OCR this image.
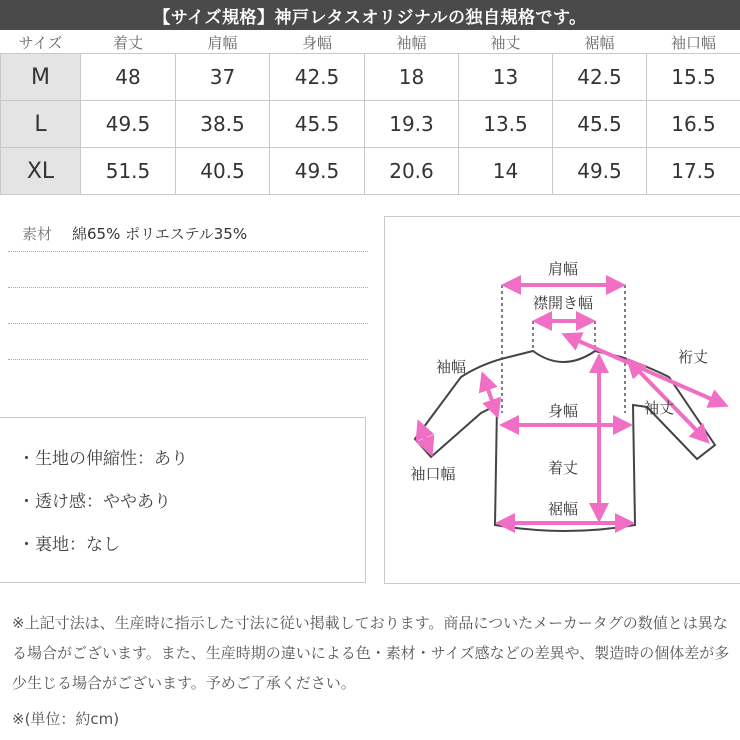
【サイズ規格】神戸レタスオリジナルの独自規格です。
サイズ	着丈	肩幅	身幅	袖幅	袖丈	裾幅	袖口幅
M	48	37	42.5	18	13	42.5	15.5
L	49.5	38.5	45.5	19.3	13.5	45.5	16.5
XL	51.5	40.5	49.5	20.6	14	49.5	17.5
素材	綿65% ポリエステル35%
・生地の伸縮性：あり
・透け感：ややあり
・裏地：なし
肩幅
襟開き幅
裄丈
袖丈
袖幅
身幅
袖口幅	着丈
裾幅
※上記寸法は、生産時に指示した寸法に従い掲載しております。商品についたメーカータグの数値とは異なる場合がございます。また、生産時期の違いによる色・素材・サイズ感などの差異や、製造時の個体差が多少生じる場合がございます。予めご了承ください。
※(単位：約cm)
